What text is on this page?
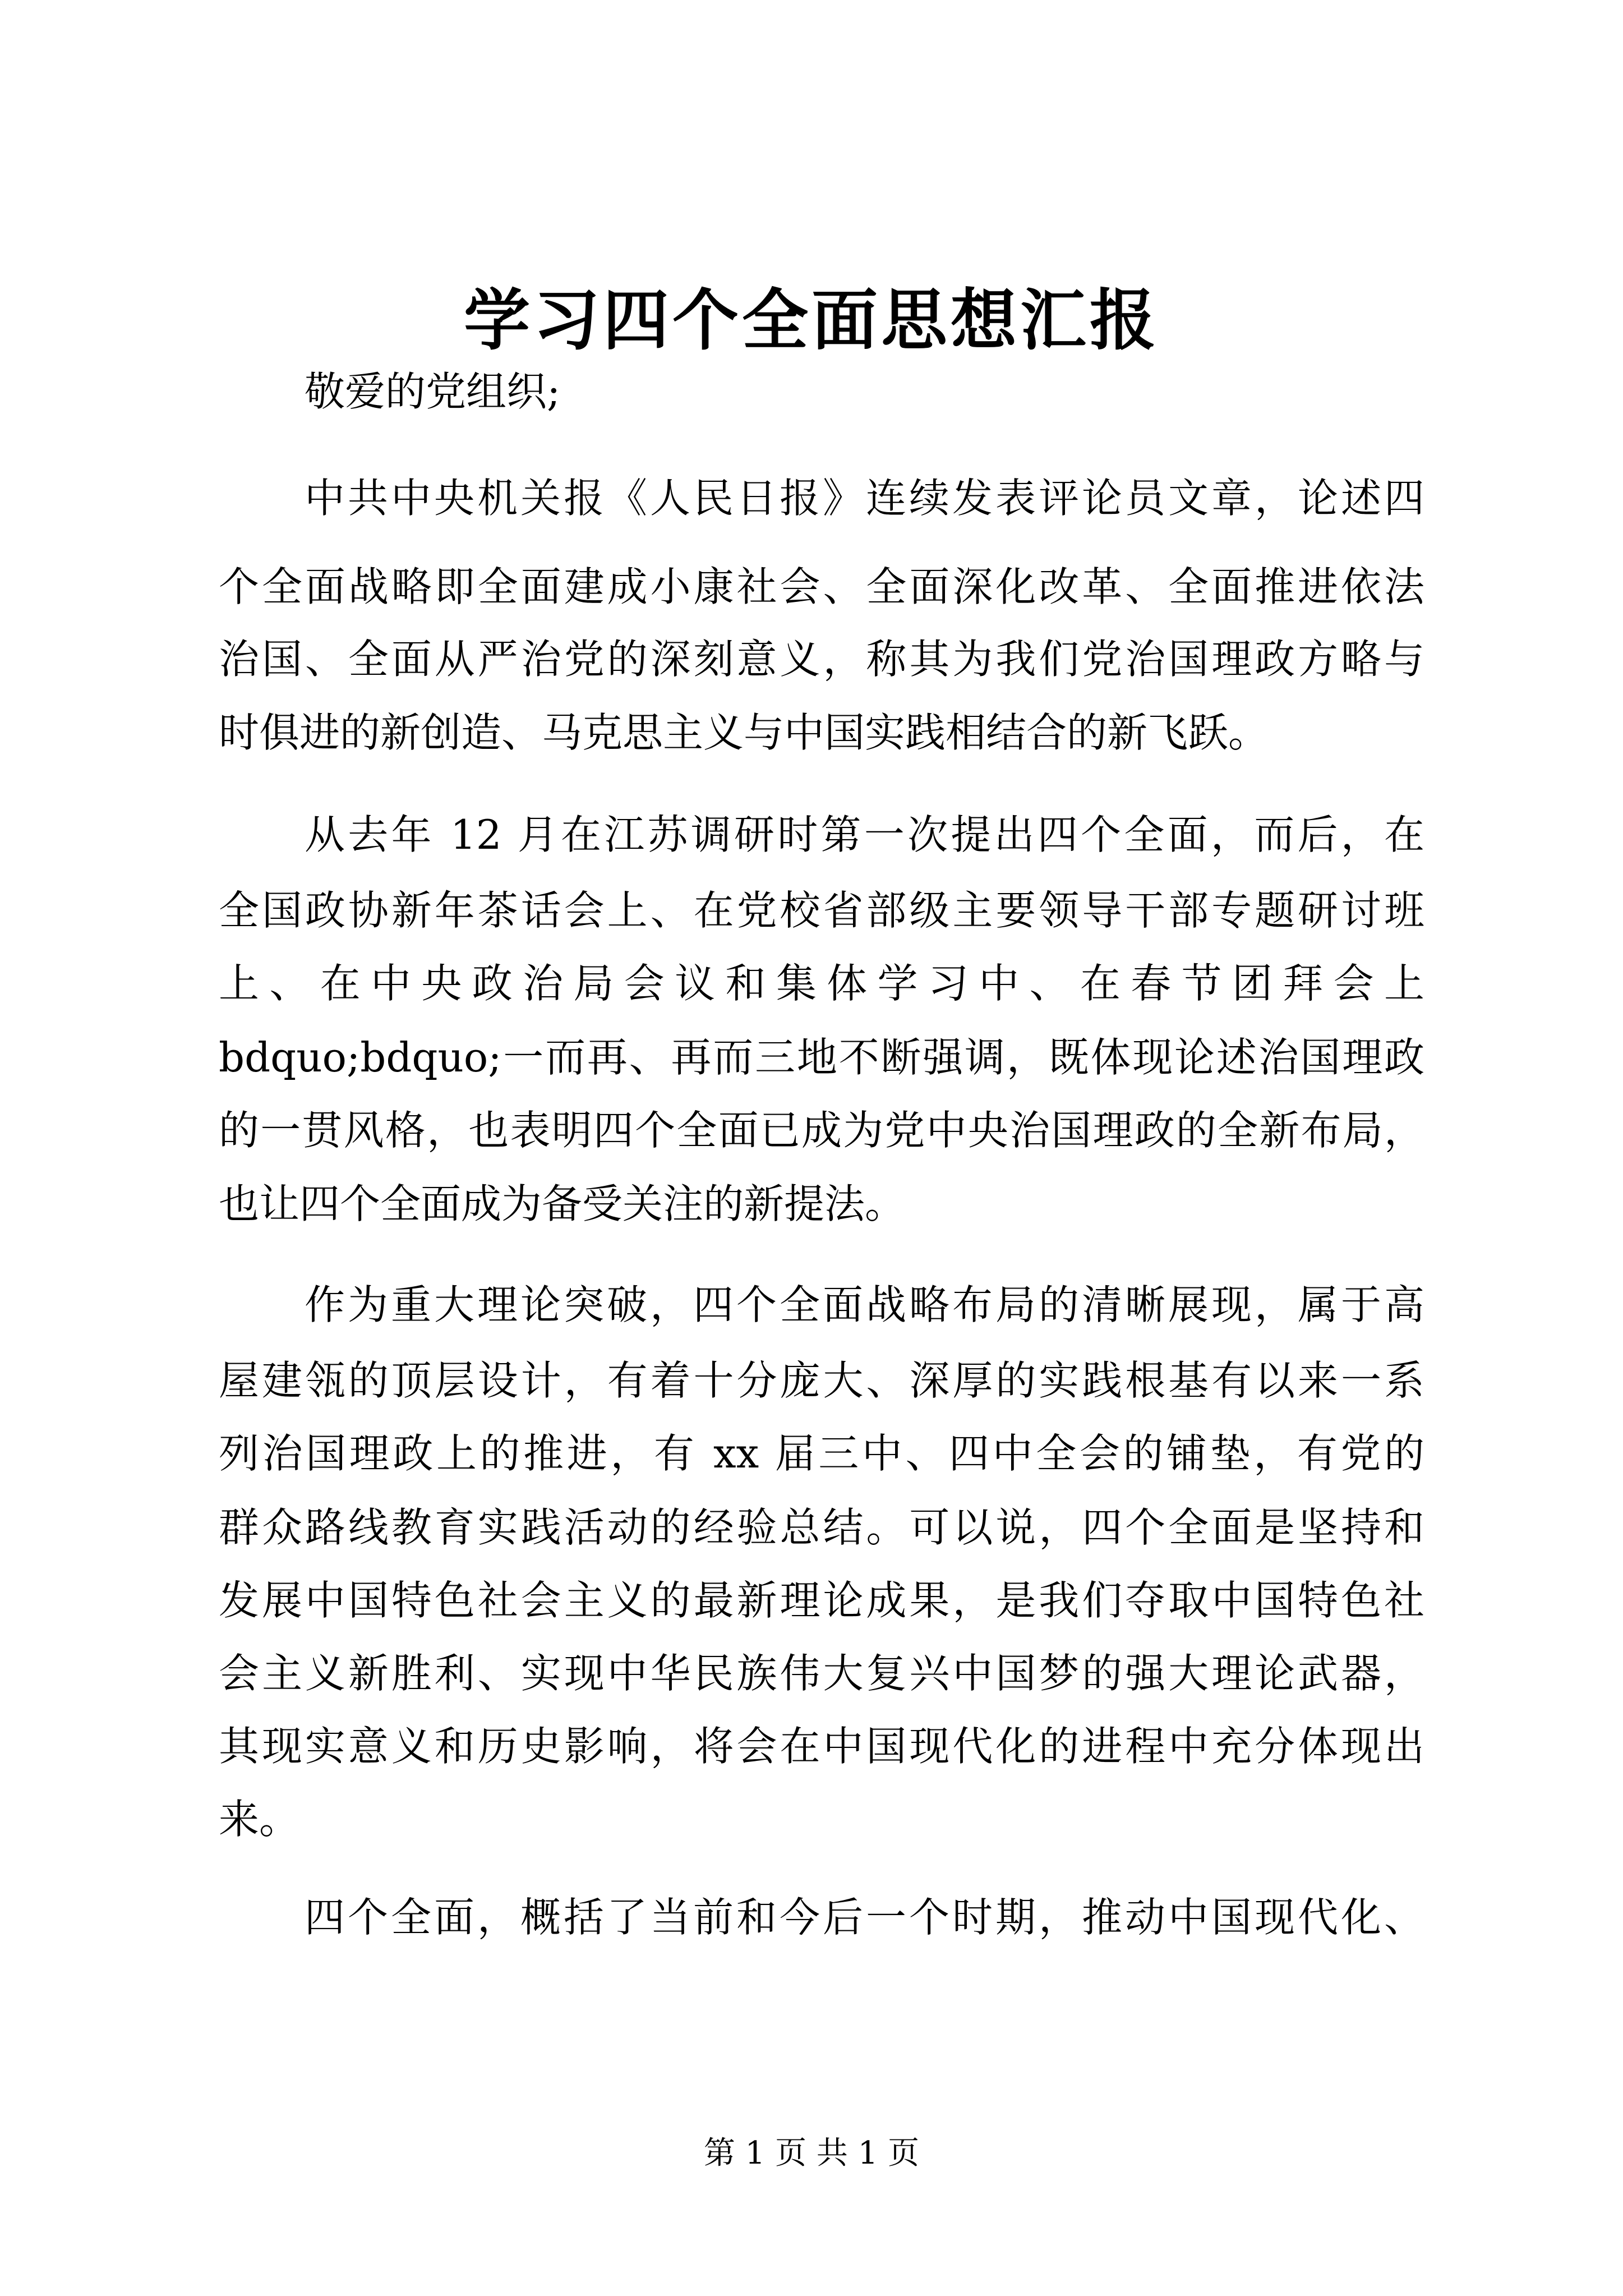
学习四个全面思想汇报
敬爱的党组织;
中共中央机关报《人民日报》连续发表评论员文章，论述四
个全面战略即全面建成小康社会、全面深化改革、全面推进依法
治国、全面从严治党的深刻意义，称其为我们党治国理政方略与
时俱进的新创造、马克思主义与中国实践相结合的新飞跃。
从去年 12 月在江苏调研时第一次提出四个全面，而后，在
全国政协新年茶话会上、在党校省部级主要领导干部专题研讨班
上、在中央政治局会议和集体学习中、在春节团拜会上
bdquo;bdquo;一而再、再而三地不断强调，既体现论述治国理政
的一贯风格，也表明四个全面已成为党中央治国理政的全新布局，
也让四个全面成为备受关注的新提法。
作为重大理论突破，四个全面战略布局的清晰展现，属于高
屋建瓴的顶层设计，有着十分庞大、深厚的实践根基有以来一系
列治国理政上的推进，有 xx 届三中、四中全会的铺垫，有党的
群众路线教育实践活动的经验总结。可以说，四个全面是坚持和
发展中国特色社会主义的最新理论成果，是我们夺取中国特色社
会主义新胜利、实现中华民族伟大复兴中国梦的强大理论武器，
其现实意义和历史影响，将会在中国现代化的进程中充分体现出
来。
四个全面，概括了当前和今后一个时期，推动中国现代化、
第 1 页 共 1 页
